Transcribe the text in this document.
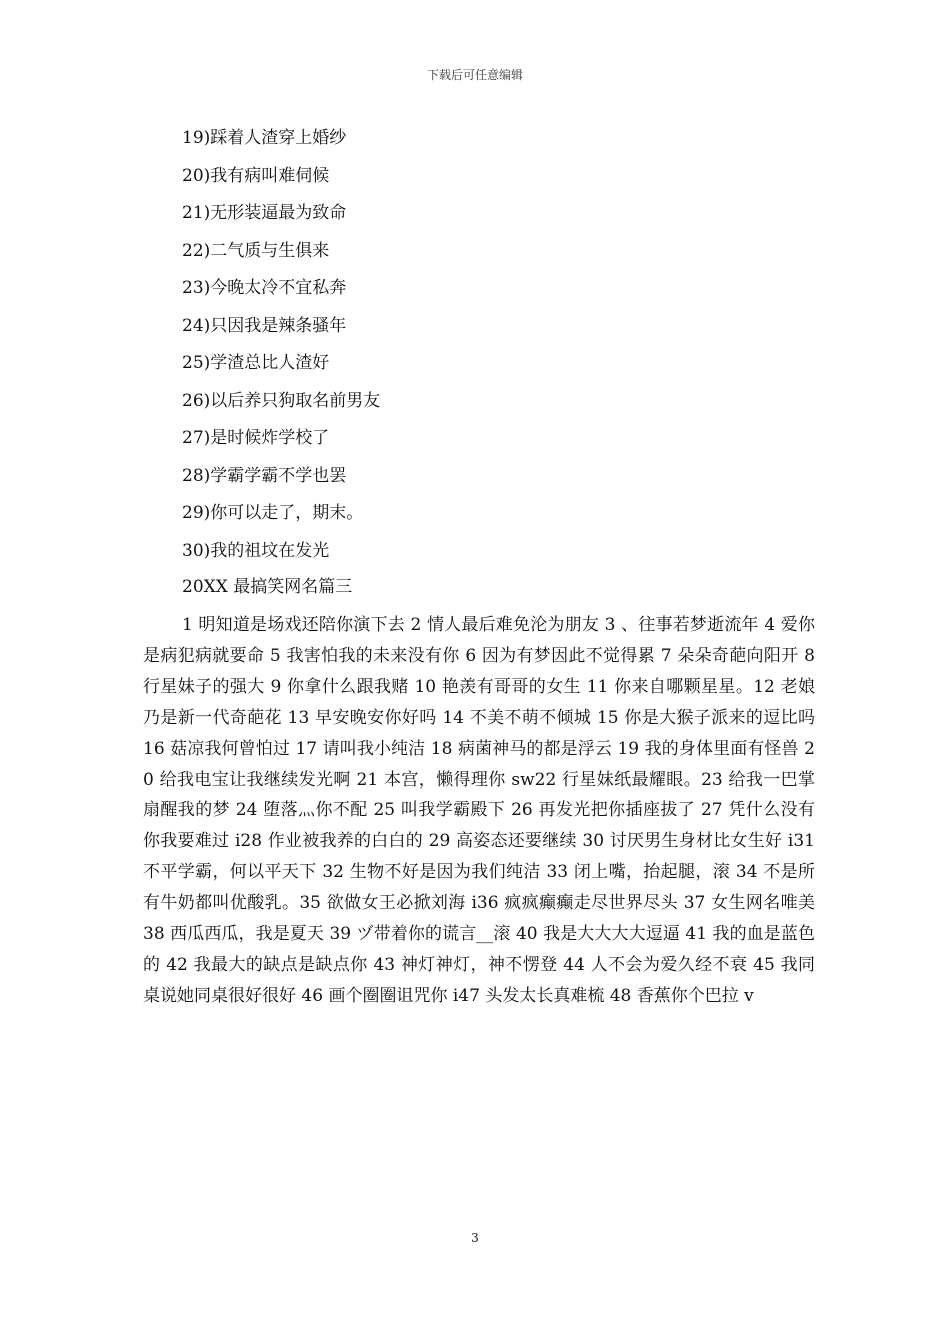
下载后可任意编辑
19)踩着人渣穿上婚纱
20)我有病叫难伺候
21)无形装逼最为致命
22)二气质与生俱来
23)今晚太冷不宜私奔
24)只因我是辣条骚年
25)学渣总比人渣好
26)以后养只狗取名前男友
27)是时候炸学校了
28)学霸学霸不学也罢
29)你可以走了，期末。
30)我的祖坟在发光
20XX 最搞笑网名篇三
1 明知道是场戏还陪你演下去 2 情人最后难免沦为朋友 3 、往事若梦逝流年 4 爱你是病犯病就要命 5 我害怕我的未来没有你 6 因为有梦因此不觉得累 7 朵朵奇葩向阳开 8 行星妹子的强大 9 你拿什么跟我赌 10 艳羡有哥哥的女生 11 你来自哪颗星星。12 老娘乃是新一代奇葩花 13 早安晚安你好吗 14 不美不萌不倾城 15 你是大猴子派来的逗比吗 16 菇凉我何曾怕过 17 请叫我小纯洁 18 病菌神马的都是浮云 19 我的身体里面有怪兽 20 给我电宝让我继续发光啊 21 本宫，懒得理你 sw22 行星妹纸最耀眼。23 给我一巴掌扇醒我的梦 24 堕落灬你不配 25 叫我学霸殿下 26 再发光把你插座拔了 27 凭什么没有你我要难过 i28 作业被我养的白白的 29 高姿态还要继续 30 讨厌男生身材比女生好 i31 不平学霸，何以平天下 32 生物不好是因为我们纯洁 33 闭上嘴，抬起腿，滚 34 不是所有牛奶都叫优酸乳。35 欲做女王必掀刘海 i36 疯疯癫癫走尽世界尽头 37 女生网名唯美 38 西瓜西瓜，我是夏天 39 ヅ带着你的谎言__滚 40 我是大大大大逗逼 41 我的血是蓝色的 42 我最大的缺点是缺点你 43 神灯神灯，神不愣登 44 人不会为爱久经不衰 45 我同桌说她同桌很好很好 46 画个圈圈诅咒你 i47 头发太长真难梳 48 香蕉你个巴拉 v
3
